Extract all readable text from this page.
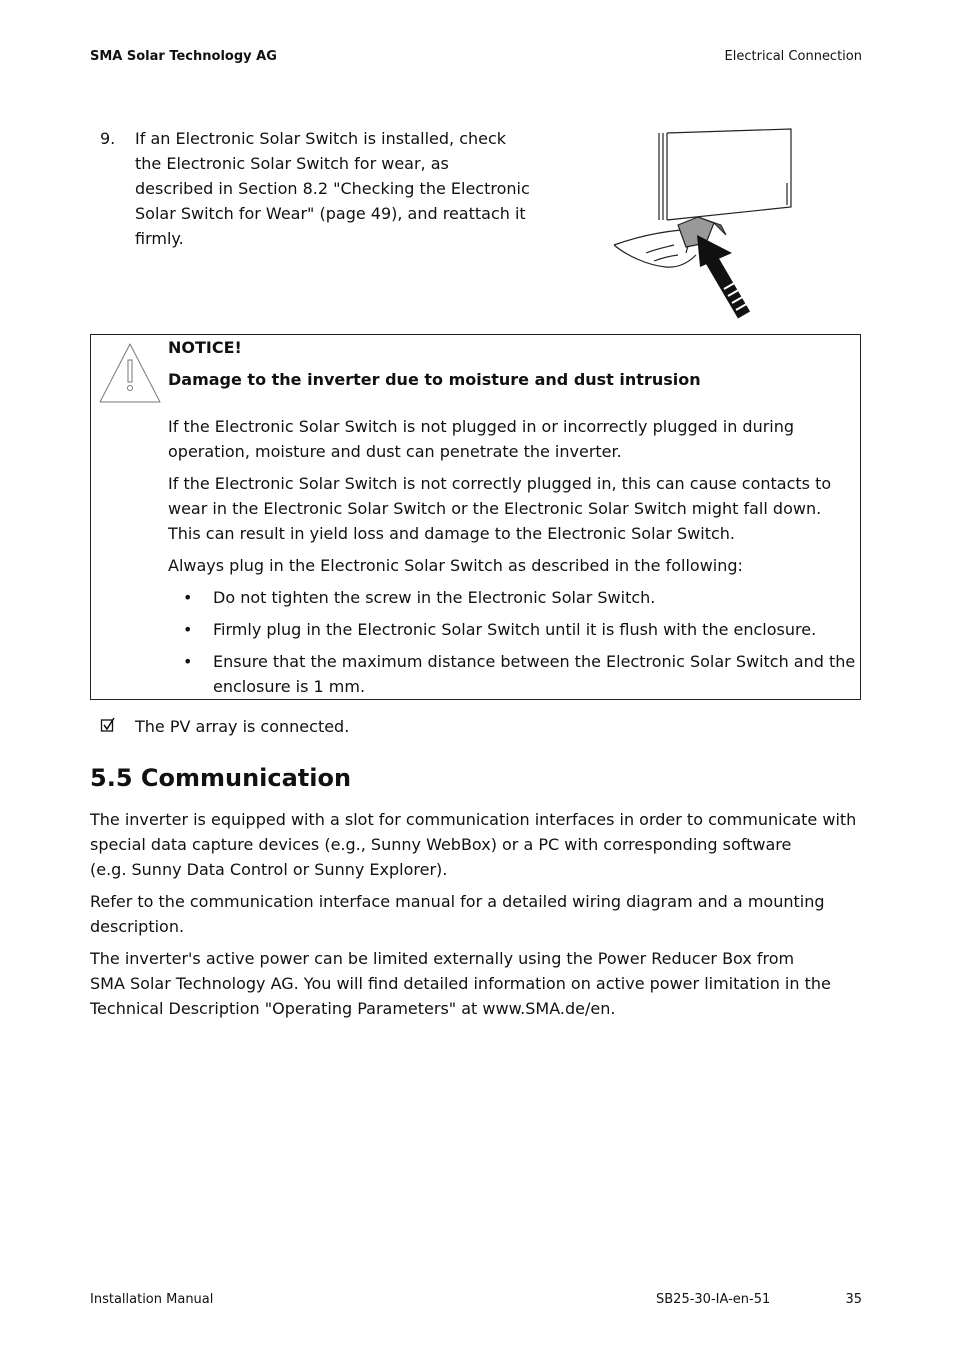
SMA Solar Technology AG	Electrical Connection
9. If an Electronic Solar Switch is installed, check the Electronic Solar Switch for wear, as described in Section 8.2 "Checking the Electronic Solar Switch for Wear" (page 49), and reattach it firmly.
NOTICE!
Damage to the inverter due to moisture and dust intrusion

If the Electronic Solar Switch is not plugged in or incorrectly plugged in during operation, moisture and dust can penetrate the inverter.

If the Electronic Solar Switch is not correctly plugged in, this can cause contacts to wear in the Electronic Solar Switch or the Electronic Solar Switch might fall down. This can result in yield loss and damage to the Electronic Solar Switch.

Always plug in the Electronic Solar Switch as described in the following:

• Do not tighten the screw in the Electronic Solar Switch.
• Firmly plug in the Electronic Solar Switch until it is flush with the enclosure.
• Ensure that the maximum distance between the Electronic Solar Switch and the enclosure is 1 mm.
The PV array is connected.
5.5 Communication

The inverter is equipped with a slot for communication interfaces in order to communicate with special data capture devices (e.g., Sunny WebBox) or a PC with corresponding software
(e.g. Sunny Data Control or Sunny Explorer).

Refer to the communication interface manual for a detailed wiring diagram and a mounting description.

The inverter's active power can be limited externally using the Power Reducer Box from
SMA Solar Technology AG. You will find detailed information on active power limitation in the Technical Description "Operating Parameters" at www.SMA.de/en.

Installation Manual	SB25-30-IA-en-51	35
